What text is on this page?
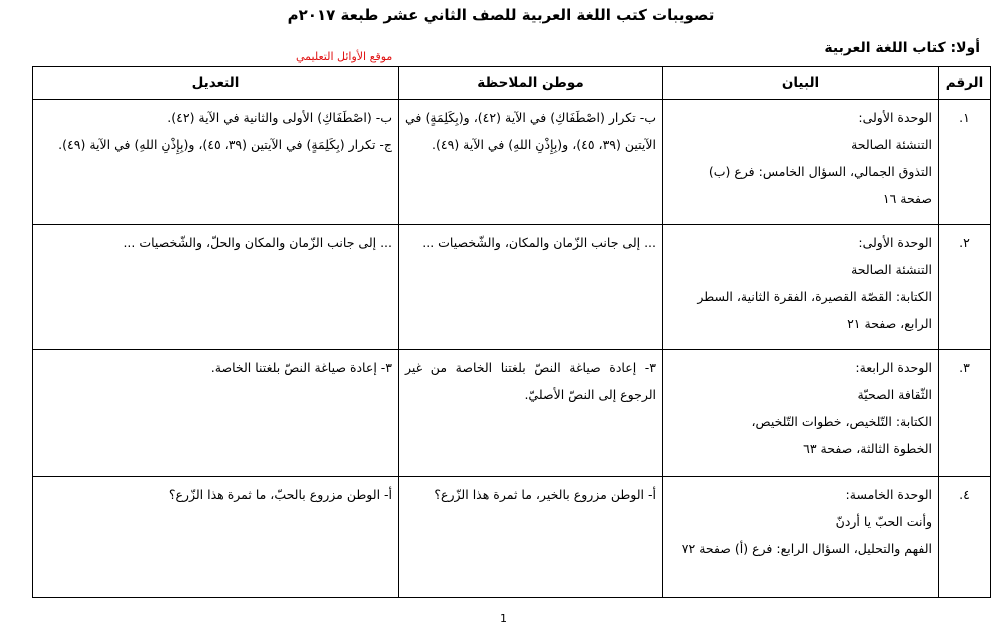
تصويبات كتب اللغة العربية للصف الثاني عشر طبعة ٢٠١٧م
أولا: كتاب اللغة العربية
موقع الأوائل التعليمي
الرقم	البيان	موطن الملاحظة	التعديل
١.	الوحدة الأولى:
التنشئة الصالحة
التذوق الجمالي، السؤال الخامس: فرع (ب)
صفحة ١٦	ب- تكرار (اصْطَفَاكِ) في الآية (٤٢)، و(بِكَلِمَةٍ) في الآيتين (٣٩، ٤٥)، و(بِإِذْنِ اللهِ) في الآية (٤٩).	ب- (اصْطَفَاكِ) الأولى والثانية في الآية (٤٢).
ج- تكرار (بِكَلِمَةٍ) في الآيتين (٣٩، ٤٥)، و(بِإِذْنِ اللهِ) في الآية (٤٩).

٢.	الوحدة الأولى:
التنشئة الصالحة
الكتابة: القصّة القصيرة، الفقرة الثانية، السطر الرابع، صفحة ٢١	... إلى جانب الزّمان والمكان، والشّخصيات ...	... إلى جانب الزّمان والمكان والحلّ، والشّخصيات ...
٣.	الوحدة الرابعة:
الثّقافة الصحيّة
الكتابة: التّلخيص، خطوات التّلخيص،
الخطوة الثالثة، صفحة ٦٣	٣- إعادة صياغة النصّ بلغتنا الخاصة من غير الرجوع إلى النصّ الأصليّ.	٣- إعادة صياغة النصّ بلغتنا الخاصة.
٤.	الوحدة الخامسة:
وأنت الحبّ يا أردنّ
الفهم والتحليل، السؤال الرابع: فرع (أ) صفحة ٧٢	أ- الوطن مزروع بالخير، ما ثمرة هذا الزّرع؟	أ- الوطن مزروع بالحبّ، ما ثمرة هذا الزّرع؟
1
